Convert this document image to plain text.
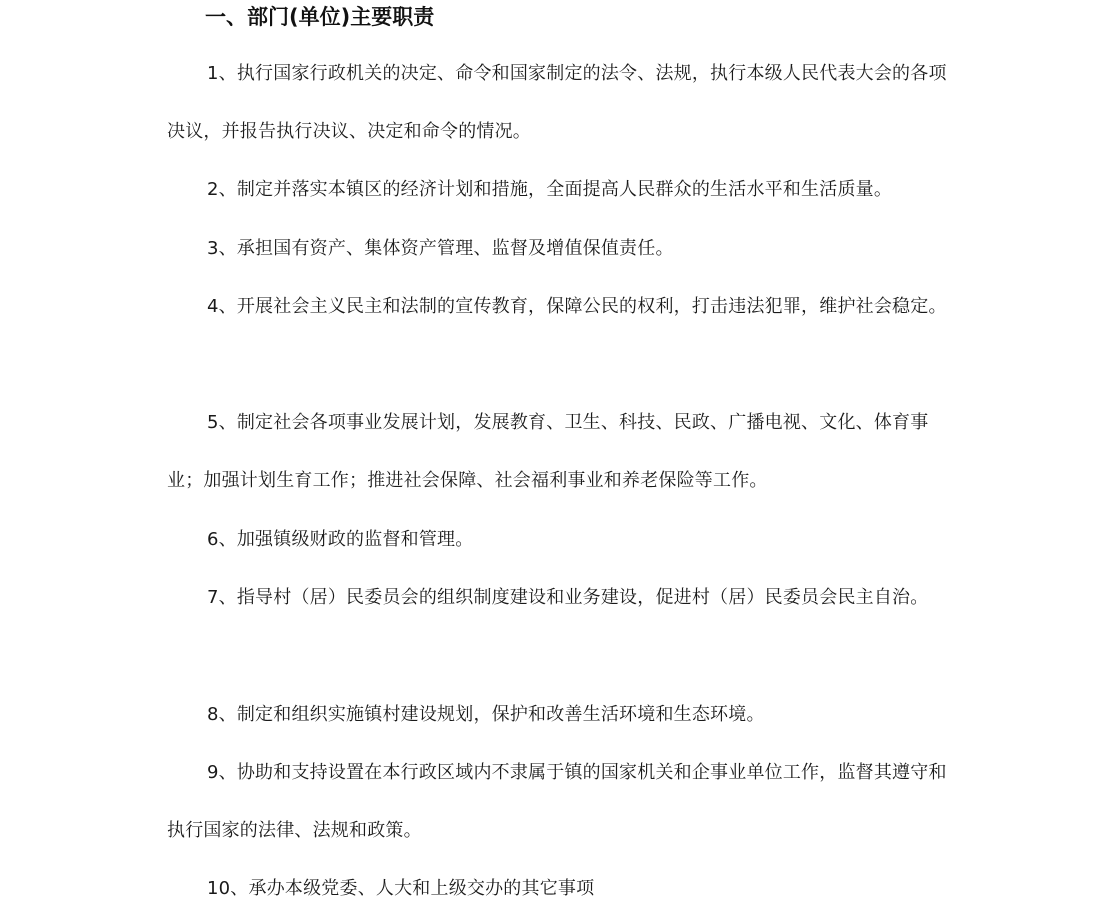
一、部门(单位)主要职责

1、执行国家行政机关的决定、命令和国家制定的法令、法规，执行本级人民代表大会的各项决议，并报告执行决议、决定和命令的情况。

2、制定并落实本镇区的经济计划和措施，全面提高人民群众的生活水平和生活质量。

3、承担国有资产、集体资产管理、监督及增值保值责任。

4、开展社会主义民主和法制的宣传教育，保障公民的权利，打击违法犯罪，维护社会稳定。

5、制定社会各项事业发展计划，发展教育、卫生、科技、民政、广播电视、文化、体育事业；加强计划生育工作；推进社会保障、社会福利事业和养老保险等工作。

6、加强镇级财政的监督和管理。

7、指导村（居）民委员会的组织制度建设和业务建设，促进村（居）民委员会民主自治。

8、制定和组织实施镇村建设规划，保护和改善生活环境和生态环境。

9、协助和支持设置在本行政区域内不隶属于镇的国家机关和企事业单位工作，监督其遵守和执行国家的法律、法规和政策。

10、承办本级党委、人大和上级交办的其它事项
